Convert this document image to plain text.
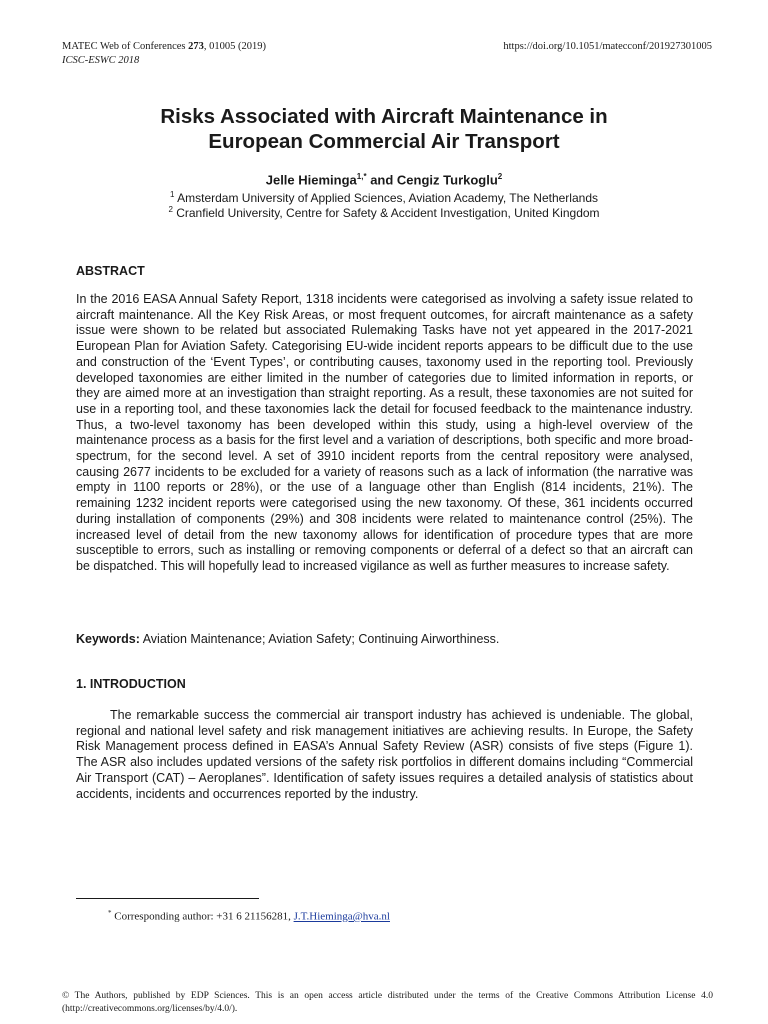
MATEC Web of Conferences 273, 01005 (2019)
ICSC-ESWC 2018
https://doi.org/10.1051/matecconf/201927301005
Risks Associated with Aircraft Maintenance in
European Commercial Air Transport
Jelle Hieminga$^{1,*}$ and Cengiz Turkoglu$^2$
$^1$ Amsterdam University of Applied Sciences, Aviation Academy, The Netherlands
$^2$ Cranfield University, Centre for Safety & Accident Investigation, United Kingdom
ABSTRACT

In the 2016 EASA Annual Safety Report, 1318 incidents were categorised as involving a safety issue related to aircraft maintenance. All the Key Risk Areas, or most frequent outcomes, for aircraft maintenance as a safety issue were shown to be related but associated Rulemaking Tasks have not yet appeared in the 2017-2021 European Plan for Aviation Safety. Categorising EU-wide incident reports appears to be difficult due to the use and construction of the ‘Event Types’, or contributing causes, taxonomy used in the reporting tool. Previously developed taxonomies are either limited in the number of categories due to limited information in reports, or they are aimed more at an investigation than straight reporting. As a result, these taxonomies are not suited for use in a reporting tool, and these taxonomies lack the detail for focused feedback to the maintenance industry. Thus, a two-level taxonomy has been developed within this study, using a high-level overview of the maintenance process as a basis for the first level and a variation of descriptions, both specific and more broad-spectrum, for the second level. A set of 3910 incident reports from the central repository were analysed, causing 2677 incidents to be excluded for a variety of reasons such as a lack of information (the narrative was empty in 1100 reports or 28%), or the use of a language other than English (814 incidents, 21%). The remaining 1232 incident reports were categorised using the new taxonomy. Of these, 361 incidents occurred during installation of components (29%) and 308 incidents were related to maintenance control (25%). The increased level of detail from the new taxonomy allows for identification of procedure types that are more susceptible to errors, such as installing or removing components or deferral of a defect so that an aircraft can be dispatched. This will hopefully lead to increased vigilance as well as further measures to increase safety.

Keywords: Aviation Maintenance; Aviation Safety; Continuing Airworthiness.

1. INTRODUCTION

The remarkable success the commercial air transport industry has achieved is undeniable. The global, regional and national level safety and risk management initiatives are achieving results. In Europe, the Safety Risk Management process defined in EASA’s Annual Safety Review (ASR) consists of five steps (Figure 1). The ASR also includes updated versions of the safety risk portfolios in different domains including “Commercial Air Transport (CAT) – Aeroplanes”. Identification of safety issues requires a detailed analysis of statistics about accidents, incidents and occurrences reported by the industry.

* Corresponding author: +31 6 21156281, J.T.Hieminga@hva.nl

© The Authors, published by EDP Sciences. This is an open access article distributed under the terms of the Creative Commons Attribution License 4.0 (http://creativecommons.org/licenses/by/4.0/).
